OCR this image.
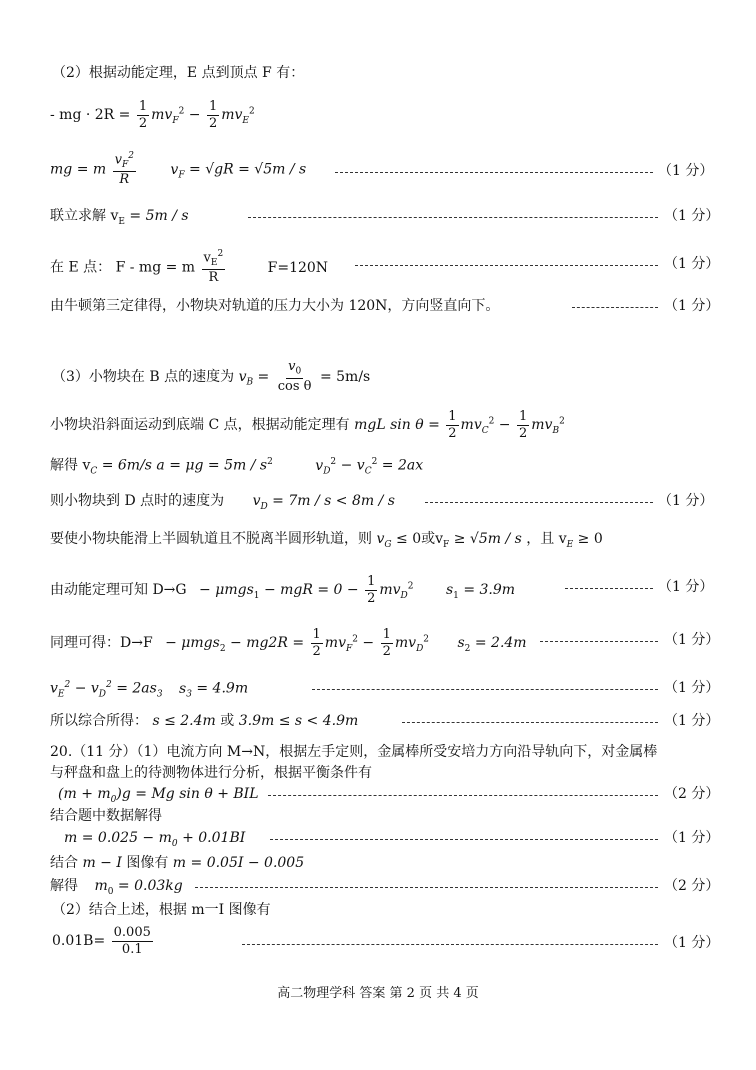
（2）根据动能定理，E 点到顶点 F 有：
- mg · $2R = \frac{1}{2} mv_F^2 - \frac{1}{2} mv_E^2$
mg = m $\frac{v_F^2}{R} v_F = √gR = √5m / s$	（1 分）
联立求解 $v_E = 5m / s$	（1 分）
在 E 点： F - mg = m $\frac{v_E^2}{R}$	F=120N	（1 分）
由牛顿第三定律得，小物块对轨道的压力大小为 120N，方向竖直向下。	（1 分）
（3）小物块在 B 点的速度为 $v_B = \frac{v_0}{\text{cos θ}} = 5m/s$
小物块沿斜面运动到底端 C 点，根据动能定理有 mgL $\sin \theta = \frac{1}{2} mv_C^2 - \frac{1}{2} mv_B^2$
解得 $v_C = 6m/s$ $a = \mu g = 5m / s^2$	$v_D^2 - v_C^2 = 2ax$
则小物块到 D 点时的速度为 $v_D = 7m / s < 8m / s$	（1 分）
要使小物块能滑上半圆轨道且不脱离半圆形轨道，则 $v_G \le 0$或$v_F \ge √5m / s$ ，且 $v_E \ge 0$
由动能定理可知 D→G − μmgs$_1$ − mgR = $0 - \frac{1}{2} mv_D^2$ $s_1 = 3.9m$	（1 分）
同理可得：$D\to F - \mu mgs_2 - mg2R = \frac{1}{2} mv_F^2 - \frac{1}{2} mv_D^2$ $s_2 = 2.4m$	（1 分）
$v_E^2 - v_D^2 = 2as_3$ $s_3 = 4.9m$	（1 分）
所以综合所得： s ≤ 2.4m 或 3.9m ≤ s < 4.9m	（1 分）
20.（11 分）（1）电流方向 M→N，根据左手定则，金属棒所受安培力方向沿导轨向下，对金属棒
与秤盘和盘上的待测物体进行分析，根据平衡条件有
$(m + m_0)g = Mg$ sin θ + BIL	（2 分）
结合题中数据解得
$m = 0.025 - m_0 + 0.01BI$	（1 分）
结合 m − I 图像有 m = 0.05I − 0.005
解得 $m_0 = 0.03kg$	（2 分）
（2）结合上述，根据 m一I 图像有
$0.01B= \frac{0.005}{0.1}$	（1 分）
高二物理学科 答案 第 2 页 共 4 页
